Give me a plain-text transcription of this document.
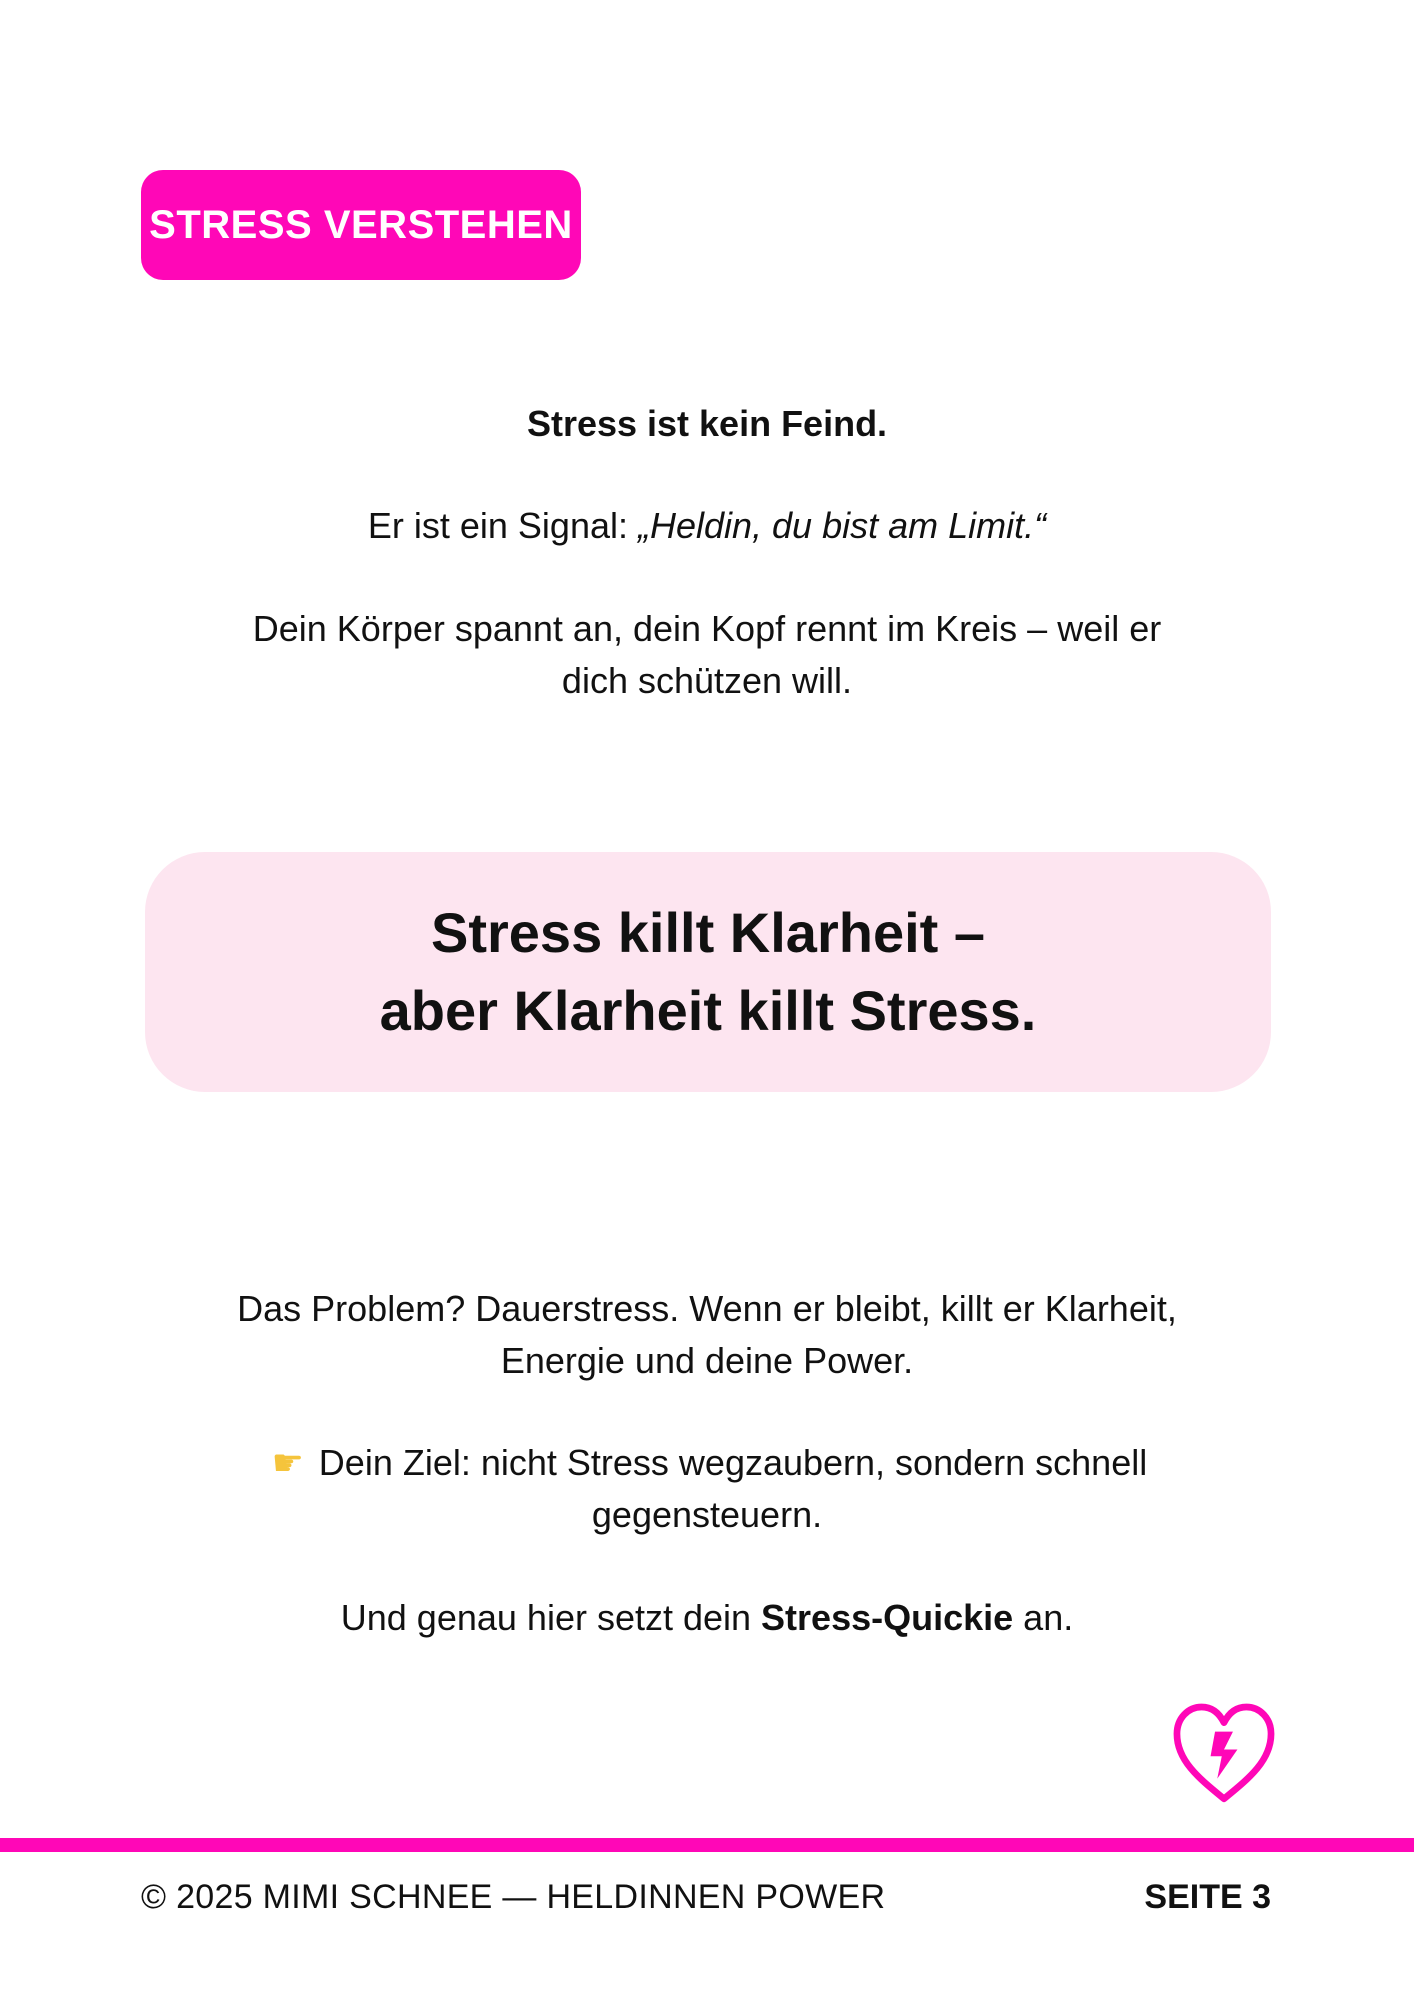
STRESS VERSTEHEN
Stress ist kein Feind.
Er ist ein Signal: „Heldin, du bist am Limit.“
Dein Körper spannt an, dein Kopf rennt im Kreis – weil er
dich schützen will.
Stress killt Klarheit –
aber Klarheit killt Stress.
Das Problem? Dauerstress. Wenn er bleibt, killt er Klarheit,
Energie und deine Power.
☛ Dein Ziel: nicht Stress wegzaubern, sondern schnell
gegensteuern.
Und genau hier setzt dein Stress-Quickie an.
© 2025 MIMI SCHNEE — HELDINNEN POWER	SEITE 3
